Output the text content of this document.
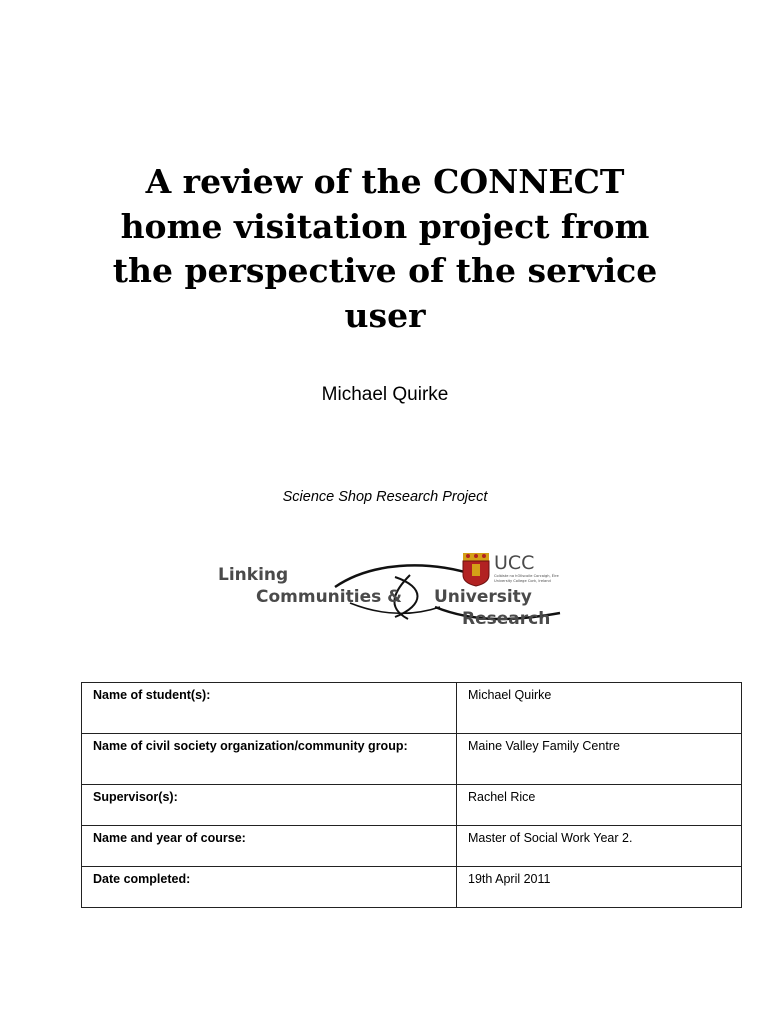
A review of the CONNECT
home visitation project from
the perspective of the service
user
Michael Quirke
Science Shop Research Project
Linking
Communities & University
Research
UCC
Coláiste na hOllscoile Corcaigh, Éire
University College Cork, Ireland
Name of student(s):	Michael Quirke
Name of civil society organization/community group:	Maine Valley Family Centre
Supervisor(s):	Rachel Rice
Name and year of course:	Master of Social Work Year 2.
Date completed:	19th April 2011
